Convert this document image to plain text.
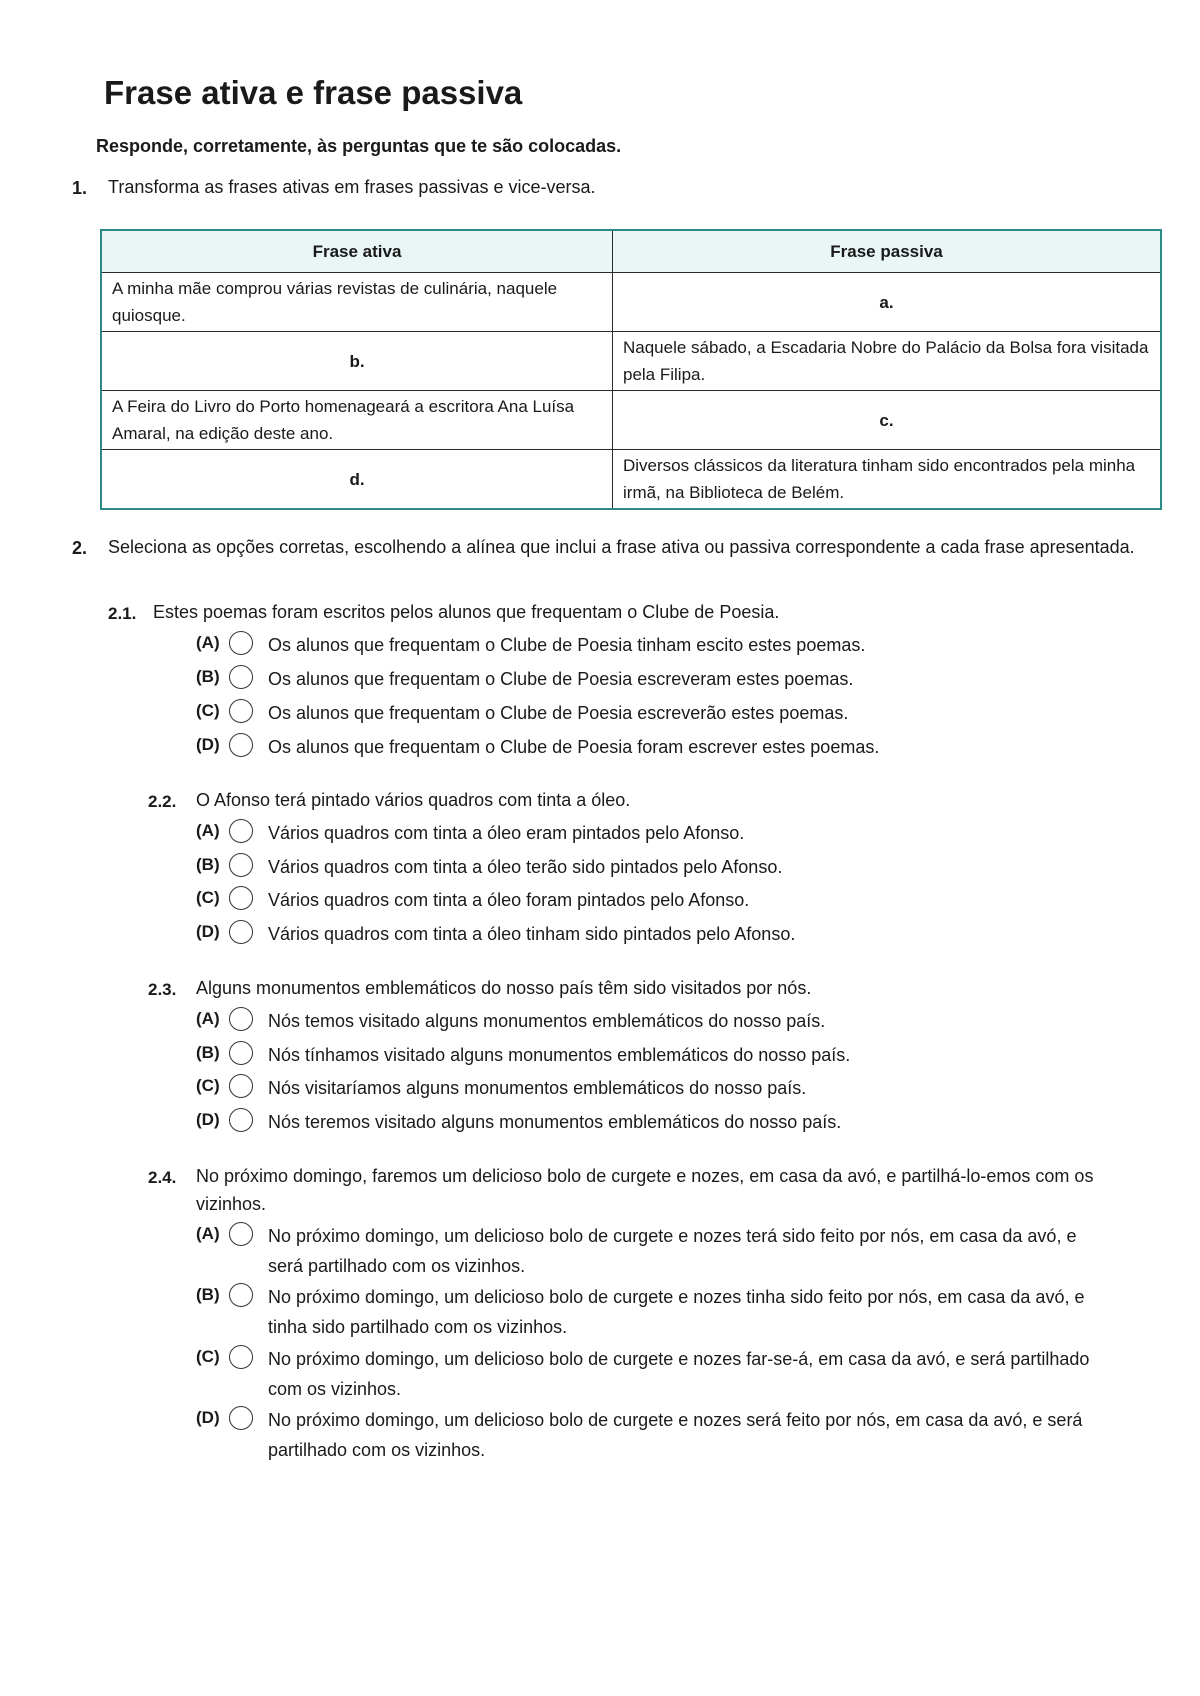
Frase ativa e frase passiva

Responde, corretamente, às perguntas que te são colocadas.

1. Transforma as frases ativas em frases passivas e vice-versa.

Frase ativa	Frase passiva
A minha mãe comprou várias revistas de culinária, naquele quiosque.	a.
b.	Naquele sábado, a Escadaria Nobre do Palácio da Bolsa fora visitada pela Filipa.
A Feira do Livro do Porto homenageará a escritora Ana Luísa Amaral, na edição deste ano.	c.
d.	Diversos clássicos da literatura tinham sido encontrados pela minha irmã, na Biblioteca de Belém.
2. Seleciona as opções corretas, escolhendo a alínea que inclui a frase ativa ou passiva correspondente a cada frase apresentada.

2.1. Estes poemas foram escritos pelos alunos que frequentam o Clube de Poesia.

(A)	Os alunos que frequentam o Clube de Poesia tinham escito estes poemas.
(B)	Os alunos que frequentam o Clube de Poesia escreveram estes poemas.
(C)	Os alunos que frequentam o Clube de Poesia escreverão estes poemas.
(D)	Os alunos que frequentam o Clube de Poesia foram escrever estes poemas.
2.2. O Afonso terá pintado vários quadros com tinta a óleo.

(A)	Vários quadros com tinta a óleo eram pintados pelo Afonso.
(B)	Vários quadros com tinta a óleo terão sido pintados pelo Afonso.
(C)	Vários quadros com tinta a óleo foram pintados pelo Afonso.
(D)	Vários quadros com tinta a óleo tinham sido pintados pelo Afonso.
2.3. Alguns monumentos emblemáticos do nosso país têm sido visitados por nós.

(A)	Nós temos visitado alguns monumentos emblemáticos do nosso país.
(B)	Nós tínhamos visitado alguns monumentos emblemáticos do nosso país.
(C)	Nós visitaríamos alguns monumentos emblemáticos do nosso país.
(D)	Nós teremos visitado alguns monumentos emblemáticos do nosso país.
2.4. No próximo domingo, faremos um delicioso bolo de curgete e nozes, em casa da avó, e partilhá-lo-emos com os vizinhos.

(A)	No próximo domingo, um delicioso bolo de curgete e nozes terá sido feito por nós, em casa da avó, e será partilhado com os vizinhos.
(B)	No próximo domingo, um delicioso bolo de curgete e nozes tinha sido feito por nós, em casa da avó, e tinha sido partilhado com os vizinhos.
(C)	No próximo domingo, um delicioso bolo de curgete e nozes far-se-á, em casa da avó, e será partilhado com os vizinhos.
(D)	No próximo domingo, um delicioso bolo de curgete e nozes será feito por nós, em casa da avó, e será partilhado com os vizinhos.
